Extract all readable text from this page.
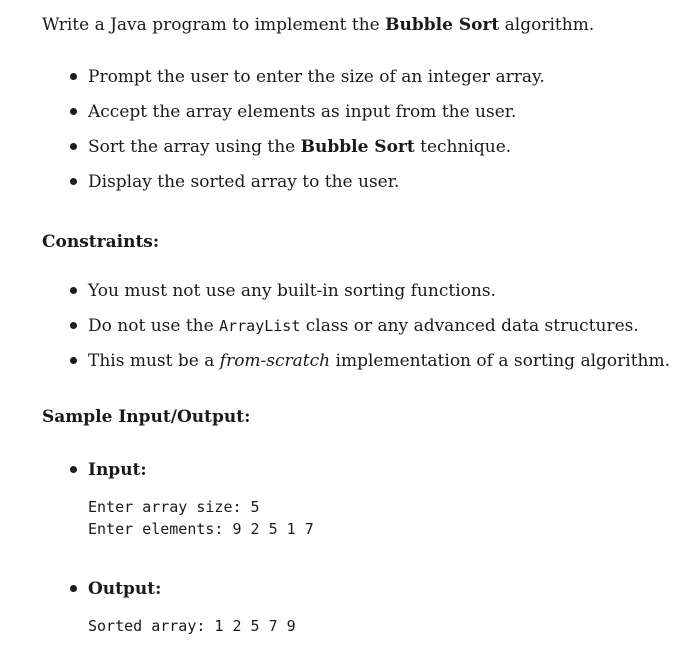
Write a Java program to implement the Bubble Sort algorithm.
Prompt the user to enter the size of an integer array.
Accept the array elements as input from the user.
Sort the array using the Bubble Sort technique.
Display the sorted array to the user.
Constraints:
You must not use any built-in sorting functions.
Do not use the ArrayList class or any advanced data structures.
This must be a from-scratch implementation of a sorting algorithm.
Sample Input/Output:
Input:
Enter array size: 5
Enter elements: 9 2 5 1 7
Output:
Sorted array: 1 2 5 7 9
